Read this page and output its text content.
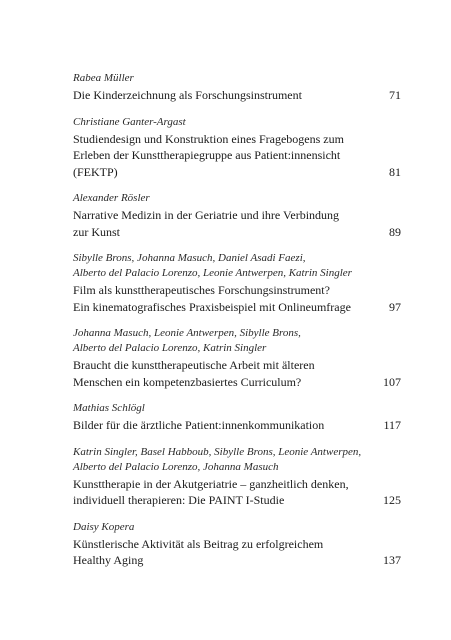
Rabea Müller
Die Kinderzeichnung als Forschungsinstrument	71
Christiane Ganter-Argast
Studiendesign und Konstruktion eines Fragebogens zum
Erleben der Kunsttherapiegruppe aus Patient:innensicht
(FEKTP)	81
Alexander Rösler
Narrative Medizin in der Geriatrie und ihre Verbindung
zur Kunst	89
Sibylle Brons, Johanna Masuch, Daniel Asadi Faezi,
Alberto del Palacio Lorenzo, Leonie Antwerpen, Katrin Singler
Film als kunsttherapeutisches Forschungsinstrument?
Ein kinematografisches Praxisbeispiel mit Onlineumfrage	97
Johanna Masuch, Leonie Antwerpen, Sibylle Brons,
Alberto del Palacio Lorenzo, Katrin Singler
Braucht die kunsttherapeutische Arbeit mit älteren
Menschen ein kompetenzbasiertes Curriculum?	107
Mathias Schlögl
Bilder für die ärztliche Patient:innenkommunikation	117
Katrin Singler, Basel Habboub, Sibylle Brons, Leonie Antwerpen,
Alberto del Palacio Lorenzo, Johanna Masuch
Kunsttherapie in der Akutgeriatrie – ganzheitlich denken,
individuell therapieren: Die PAINT I-Studie	125
Daisy Kopera
Künstlerische Aktivität als Beitrag zu erfolgreichem
Healthy Aging	137
